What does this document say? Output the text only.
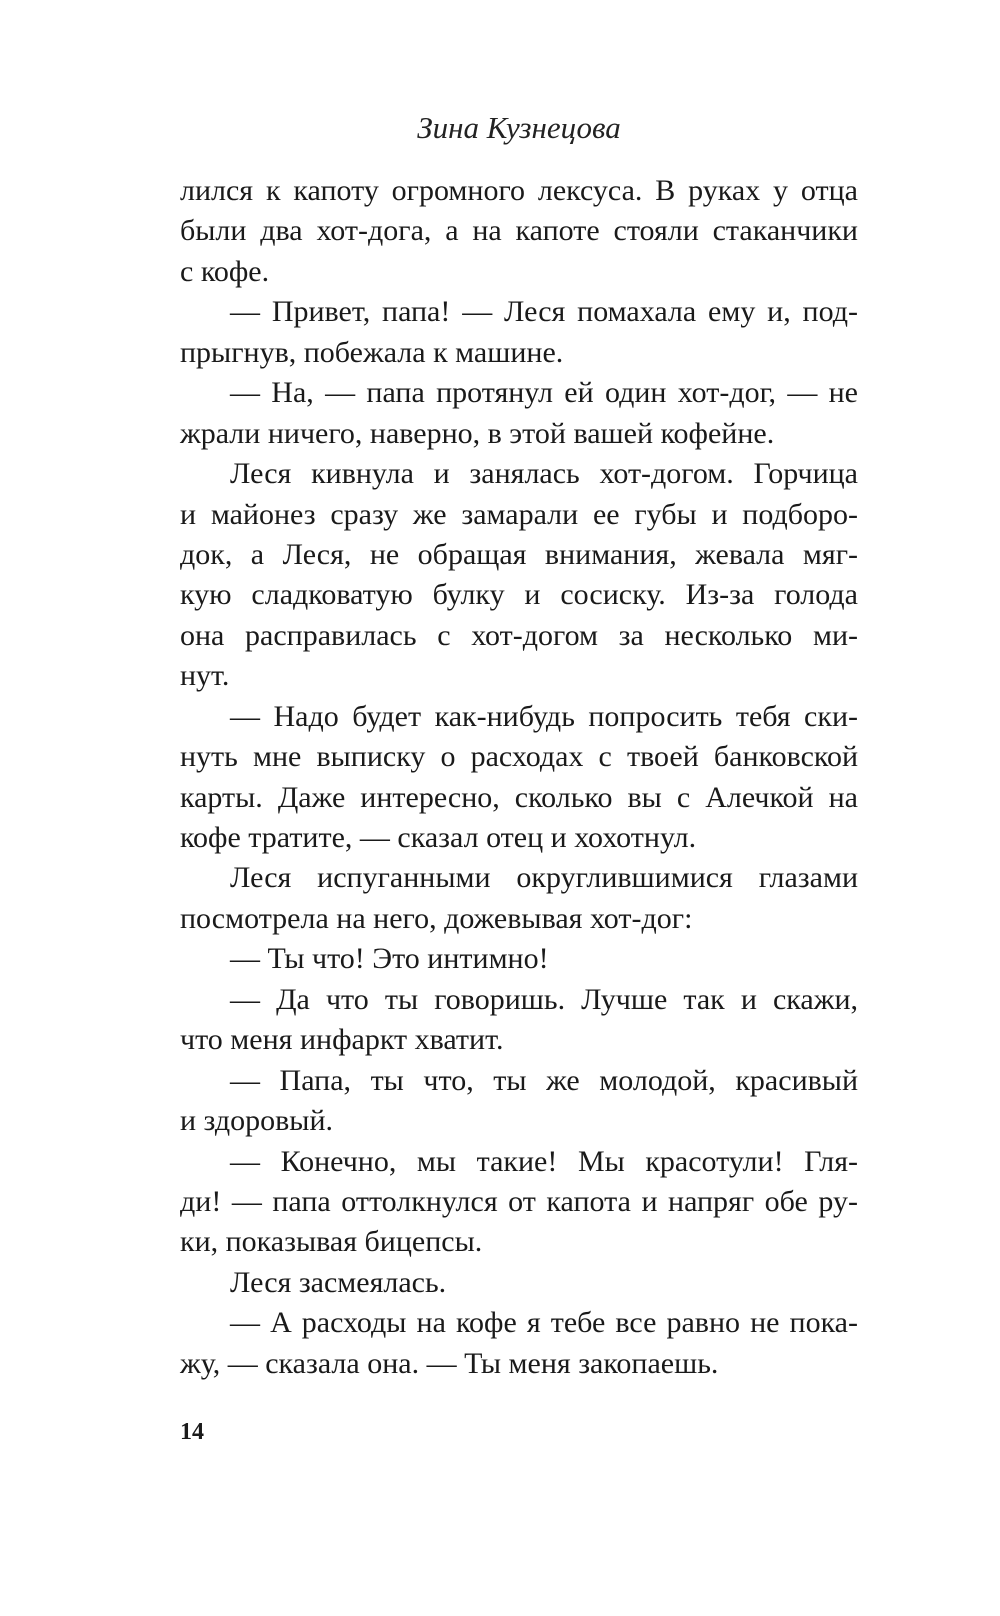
Зина Кузнецова
лился к капоту огромного лексуса. В руках у отца
были два хот-дога, а на капоте стояли стаканчики
с кофе.
— Привет, папа! — Леся помахала ему и, под-
прыгнув, побежала к машине.
— На, — папа протянул ей один хот-дог, — не
жрали ничего, наверно, в этой вашей кофейне.
Леся кивнула и занялась хот-догом. Горчица
и майонез сразу же замарали ее губы и подборо-
док, а Леся, не обращая внимания, жевала мяг-
кую сладковатую булку и сосиску. Из-за голода
она расправилась с хот-догом за несколько ми-
нут.
— Надо будет как-нибудь попросить тебя ски-
нуть мне выписку о расходах с твоей банковской
карты. Даже интересно, сколько вы с Алечкой на
кофе тратите, — сказал отец и хохотнул.
Леся испуганными округлившимися глазами
посмотрела на него, дожевывая хот-дог:
— Ты что! Это интимно!
— Да что ты говоришь. Лучше так и скажи,
что меня инфаркт хватит.
— Папа, ты что, ты же молодой, красивый
и здоровый.
— Конечно, мы такие! Мы красотули! Гля-
ди! — папа оттолкнулся от капота и напряг обе ру-
ки, показывая бицепсы.
Леся засмеялась.
— А расходы на кофе я тебе все равно не пока-
жу, — сказала она. — Ты меня закопаешь.
14
